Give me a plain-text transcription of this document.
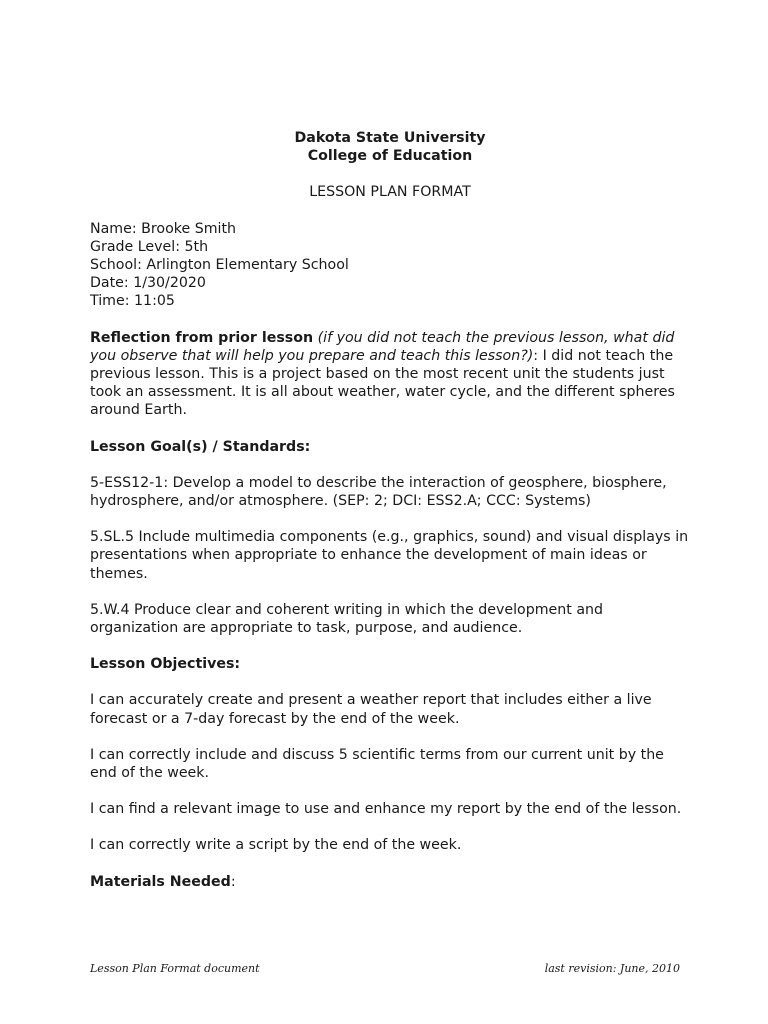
Dakota State University

College of Education

LESSON PLAN FORMAT

Name: Brooke Smith

Grade Level: 5th

School: Arlington Elementary School

Date: 1/30/2020

Time: 11:05

Reflection from prior lesson (if you did not teach the previous lesson, what did you observe that will help you prepare and teach this lesson?): I did not teach the previous lesson. This is a project based on the most recent unit the students just took an assessment. It is all about weather, water cycle, and the different spheres around Earth.

Lesson Goal(s) / Standards:

5-ESS12-1: Develop a model to describe the interaction of geosphere, biosphere, hydrosphere, and/or atmosphere. (SEP: 2; DCI: ESS2.A; CCC: Systems)

5.SL.5 Include multimedia components (e.g., graphics, sound) and visual displays in presentations when appropriate to enhance the development of main ideas or themes.

5.W.4 Produce clear and coherent writing in which the development and organization are appropriate to task, purpose, and audience.

Lesson Objectives:

I can accurately create and present a weather report that includes either a live forecast or a 7-day forecast by the end of the week.

I can correctly include and discuss 5 scientific terms from our current unit by the end of the week.

I can find a relevant image to use and enhance my report by the end of the lesson.

I can correctly write a script by the end of the week.

Materials Needed:

Lesson Plan Format document	last revision: June, 2010
